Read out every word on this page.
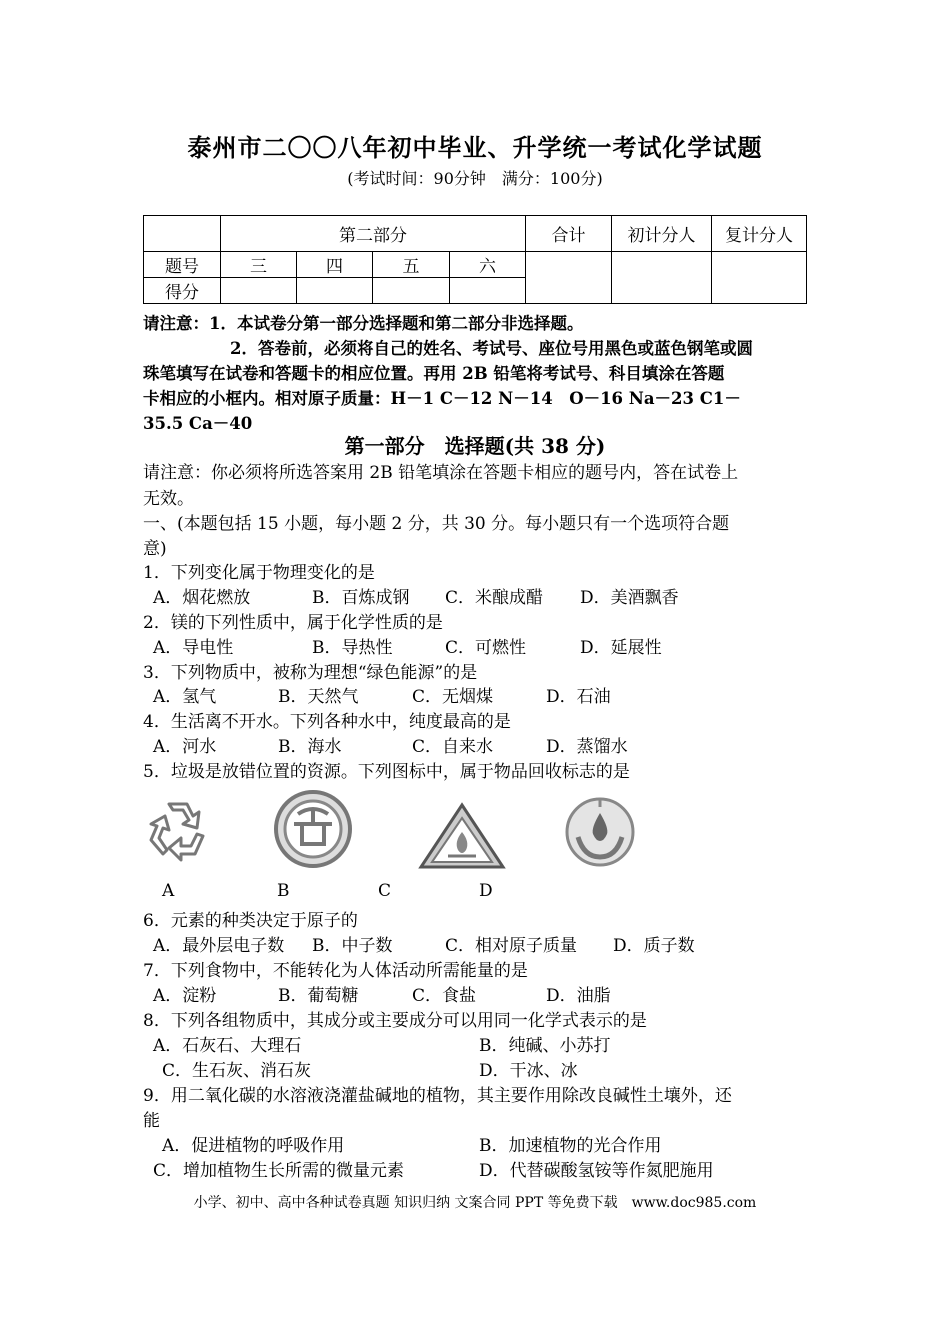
泰州市二〇〇八年初中毕业、升学统一考试化学试题
(考试时间：90分钟　满分：100分)
	第二部分				合计	初计分人	复计分人
题号	三	四	五	六			
得分							
请注意：1．本试卷分第一部分选择题和第二部分非选择题。
2．答卷前，必须将自己的姓名、考试号、座位号用黑色或蓝色钢笔或圆
珠笔填写在试卷和答题卡的相应位置。再用 2B 铅笔将考试号、科目填涂在答题
卡相应的小框内。相对原子质量：H－1 C－12 N－14　O－16 Na－23 C1－
35.5 Ca－40
第一部分　选择题(共 38 分)
请注意：你必须将所选答案用 2B 铅笔填涂在答题卡相应的题号内，答在试卷上
无效。
一、(本题包括 15 小题，每小题 2 分，共 30 分。每小题只有一个选项符合题
意)
1．下列变化属于物理变化的是
A．烟花燃放	B．百炼成钢 C．米酿成醋 D．美酒飘香
2．镁的下列性质中，属于化学性质的是
A．导电性	B．导热性	C．可燃性	D．延展性
3．下列物质中，被称为理想“绿色能源”的是
A．氢气	B．天然气	C．无烟煤	D．石油
4．生活离不开水。下列各种水中，纯度最高的是
A．河水	B．海水	C．自来水	D．蒸馏水
5．垃圾是放错位置的资源。下列图标中，属于物品回收标志的是
A	B	C	D
6．元素的种类决定于原子的
A．最外层电子数 B．中子数	C．相对原子质量 D．质子数
7．下列食物中，不能转化为人体活动所需能量的是
A．淀粉	B．葡萄糖	C．食盐	D．油脂
8．下列各组物质中，其成分或主要成分可以用同一化学式表示的是
A．石灰石、大理石	B．纯碱、小苏打
C．生石灰、消石灰	D．干冰、冰
9．用二氧化碳的水溶液浇灌盐碱地的植物，其主要作用除改良碱性土壤外，还
能
A．促进植物的呼吸作用	B．加速植物的光合作用
C．增加植物生长所需的微量元素	D．代替碳酸氢铵等作氮肥施用
小学、初中、高中各种试卷真题 知识归纳 文案合同 PPT 等免费下载　www.doc985.com
